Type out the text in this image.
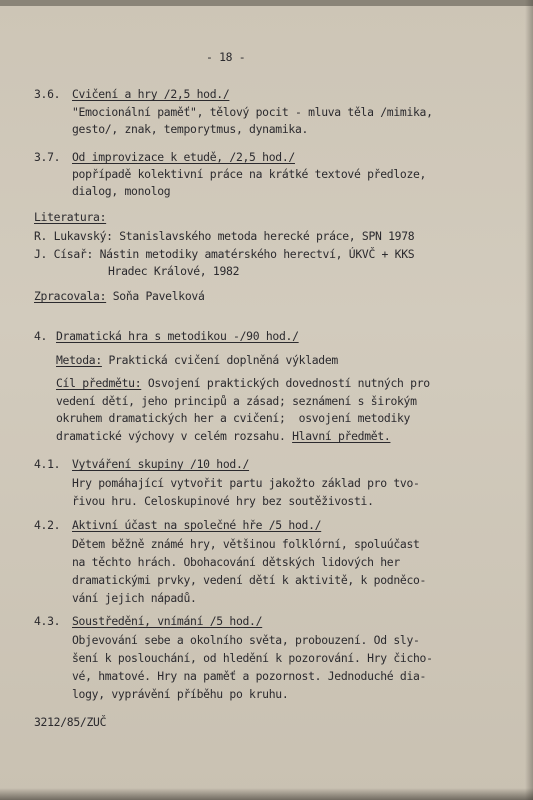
- 18 -
3.6. Cvičení a hry /2,5 hod./
"Emocionální paměť", tělový pocit - mluva těla /mimika,
gesto/, znak, temporytmus, dynamika.
3.7. Od improvizace k etudě, /2,5 hod./
popřípadě kolektivní práce na krátké textové předloze,
dialog, monolog
Literatura:
R. Lukavský: Stanislavského metoda herecké práce, SPN 1978
J. Císař: Nástin metodiky amatérského herectví, ÚKVČ + KKS
Hradec Králové, 1982
Zpracovala: Soňa Pavelková
4. Dramatická hra s metodikou -/90 hod./
Metoda: Praktická cvičení doplněná výkladem
Cíl předmětu: Osvojení praktických dovedností nutných pro
vedení dětí, jeho principů a zásad; seznámení s širokým
okruhem dramatických her a cvičení;  osvojení metodiky
dramatické výchovy v celém rozsahu. Hlavní předmět.
4.1. Vytváření skupiny /10 hod./
Hry pomáhající vytvořit partu jakožto základ pro tvo-
řivou hru. Celoskupinové hry bez soutěživosti.
4.2. Aktivní účast na společné hře /5 hod./
Dětem běžně známé hry, většinou folklórní, spoluúčast
na těchto hrách. Obohacování dětských lidových her
dramatickými prvky, vedení dětí k aktivitě, k podněco-
vání jejich nápadů.
4.3. Soustředění, vnímání /5 hod./
Objevování sebe a okolního světa, probouzení. Od sly-
šení k poslouchání, od hledění k pozorování. Hry čicho-
vé, hmatové. Hry na paměť a pozornost. Jednoduché dia-
logy, vyprávění příběhu po kruhu.
3212/85/ZUČ
